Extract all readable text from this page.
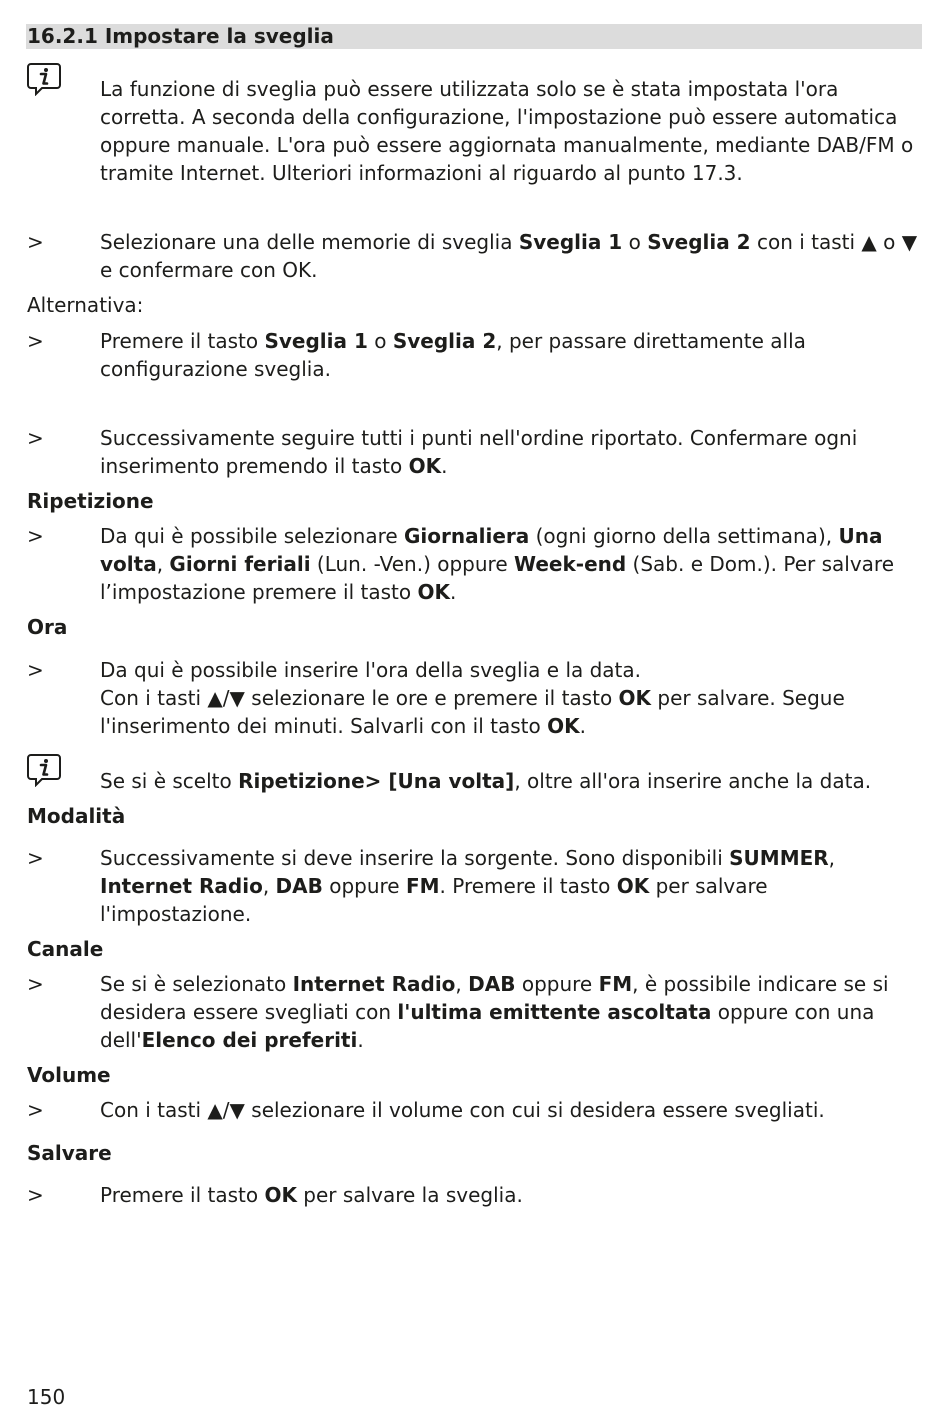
16.2.1 Impostare la sveglia
La funzione di sveglia può essere utilizzata solo se è stata impostata l'ora corretta. A seconda della configurazione, l'impostazione può essere automatica oppure manuale. L'ora può essere aggiornata manualmente, mediante DAB/FM o tramite Internet. Ulteriori informazioni al riguardo al punto 17.3.
>	Selezionare una delle memorie di sveglia Sveglia 1 o Sveglia 2 con i tasti ▲ o ▼ e confermare con OK.
Alternativa:
>	Premere il tasto Sveglia 1 o Sveglia 2, per passare direttamente alla configurazione sveglia.
>	Successivamente seguire tutti i punti nell'ordine riportato. Confermare ogni inserimento premendo il tasto OK.
Ripetizione
>	Da qui è possibile selezionare Giornaliera (ogni giorno della settimana), Una volta, Giorni feriali (Lun. -Ven.) oppure Week-end (Sab. e Dom.). Per salvare l’impostazione premere il tasto OK.
Ora
>	Da qui è possibile inserire l'ora della sveglia e la data.
Con i tasti ▲/▼ selezionare le ore e premere il tasto OK per salvare. Segue l'inserimento dei minuti. Salvarli con il tasto OK.
Se si è scelto Ripetizione> [Una volta], oltre all'ora inserire anche la data.
Modalità
>	Successivamente si deve inserire la sorgente. Sono disponibili SUMMER, Internet Radio, DAB oppure FM. Premere il tasto OK per salvare l'impostazione.
Canale
>	Se si è selezionato Internet Radio, DAB oppure FM, è possibile indicare se si desidera essere svegliati con l'ultima emittente ascoltata oppure con una dell'Elenco dei preferiti.
Volume
>	Con i tasti ▲/▼ selezionare il volume con cui si desidera essere svegliati.
Salvare
>	Premere il tasto OK per salvare la sveglia.
150
